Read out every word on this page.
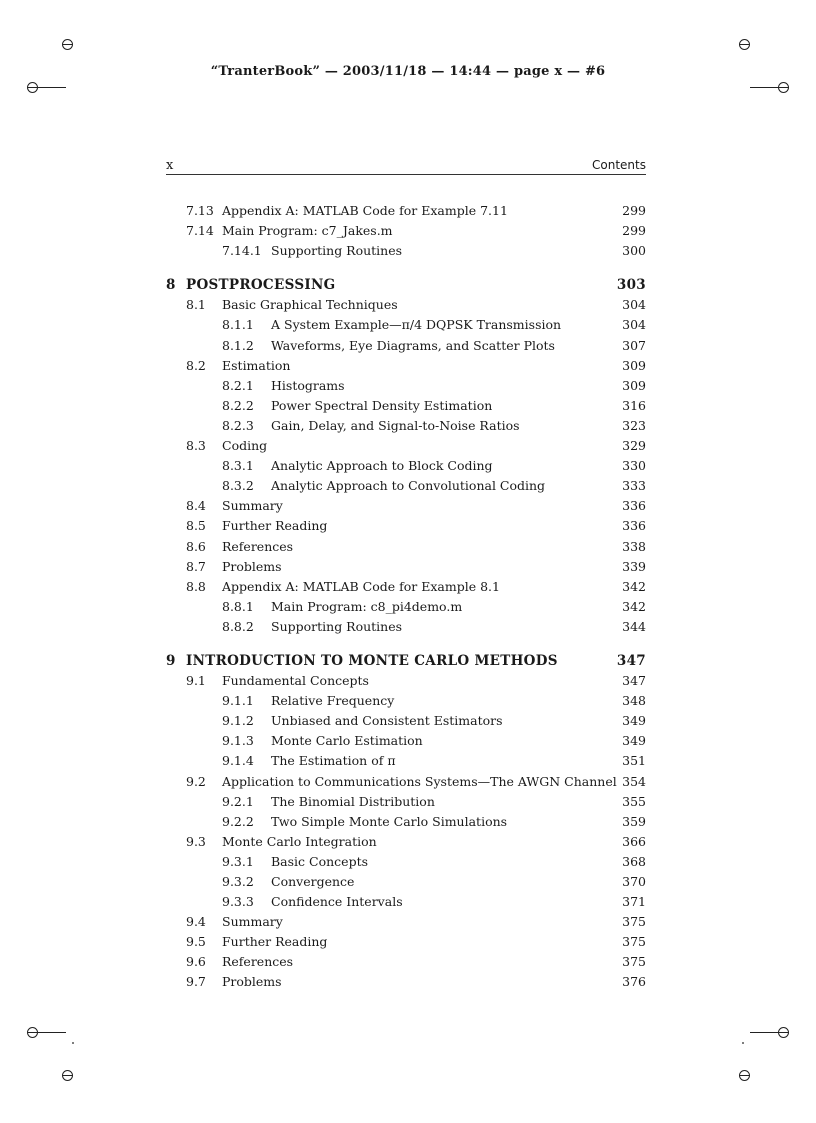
“TranterBook” — 2003/11/18 — 14:44 — page x — #6
x	Contents
7.13 Appendix A: MATLAB Code for Example 7.11	299
7.14 Main Program: c7_Jakes.m	299
7.14.1 Supporting Routines	300
8 POSTPROCESSING	303
8.1 Basic Graphical Techniques	304
8.1.1 A System Example—π/4 DQPSK Transmission	304
8.1.2 Waveforms, Eye Diagrams, and Scatter Plots	307
8.2 Estimation	309
8.2.1 Histograms	309
8.2.2 Power Spectral Density Estimation	316
8.2.3 Gain, Delay, and Signal-to-Noise Ratios	323
8.3 Coding	329
8.3.1 Analytic Approach to Block Coding	330
8.3.2 Analytic Approach to Convolutional Coding	333
8.4 Summary	336
8.5 Further Reading	336
8.6 References	338
8.7 Problems	339
8.8 Appendix A: MATLAB Code for Example 8.1	342
8.8.1 Main Program: c8_pi4demo.m	342
8.8.2 Supporting Routines	344
9 INTRODUCTION TO MONTE CARLO METHODS	347
9.1 Fundamental Concepts	347
9.1.1 Relative Frequency	348
9.1.2 Unbiased and Consistent Estimators	349
9.1.3 Monte Carlo Estimation	349
9.1.4 The Estimation of π	351
9.2 Application to Communications Systems—The AWGN Channel 354
9.2.1 The Binomial Distribution	355
9.2.2 Two Simple Monte Carlo Simulations	359
9.3 Monte Carlo Integration	366
9.3.1 Basic Concepts	368
9.3.2 Convergence	370
9.3.3 Confidence Intervals	371
9.4 Summary	375
9.5 Further Reading	375
9.6 References	375
9.7 Problems	376
